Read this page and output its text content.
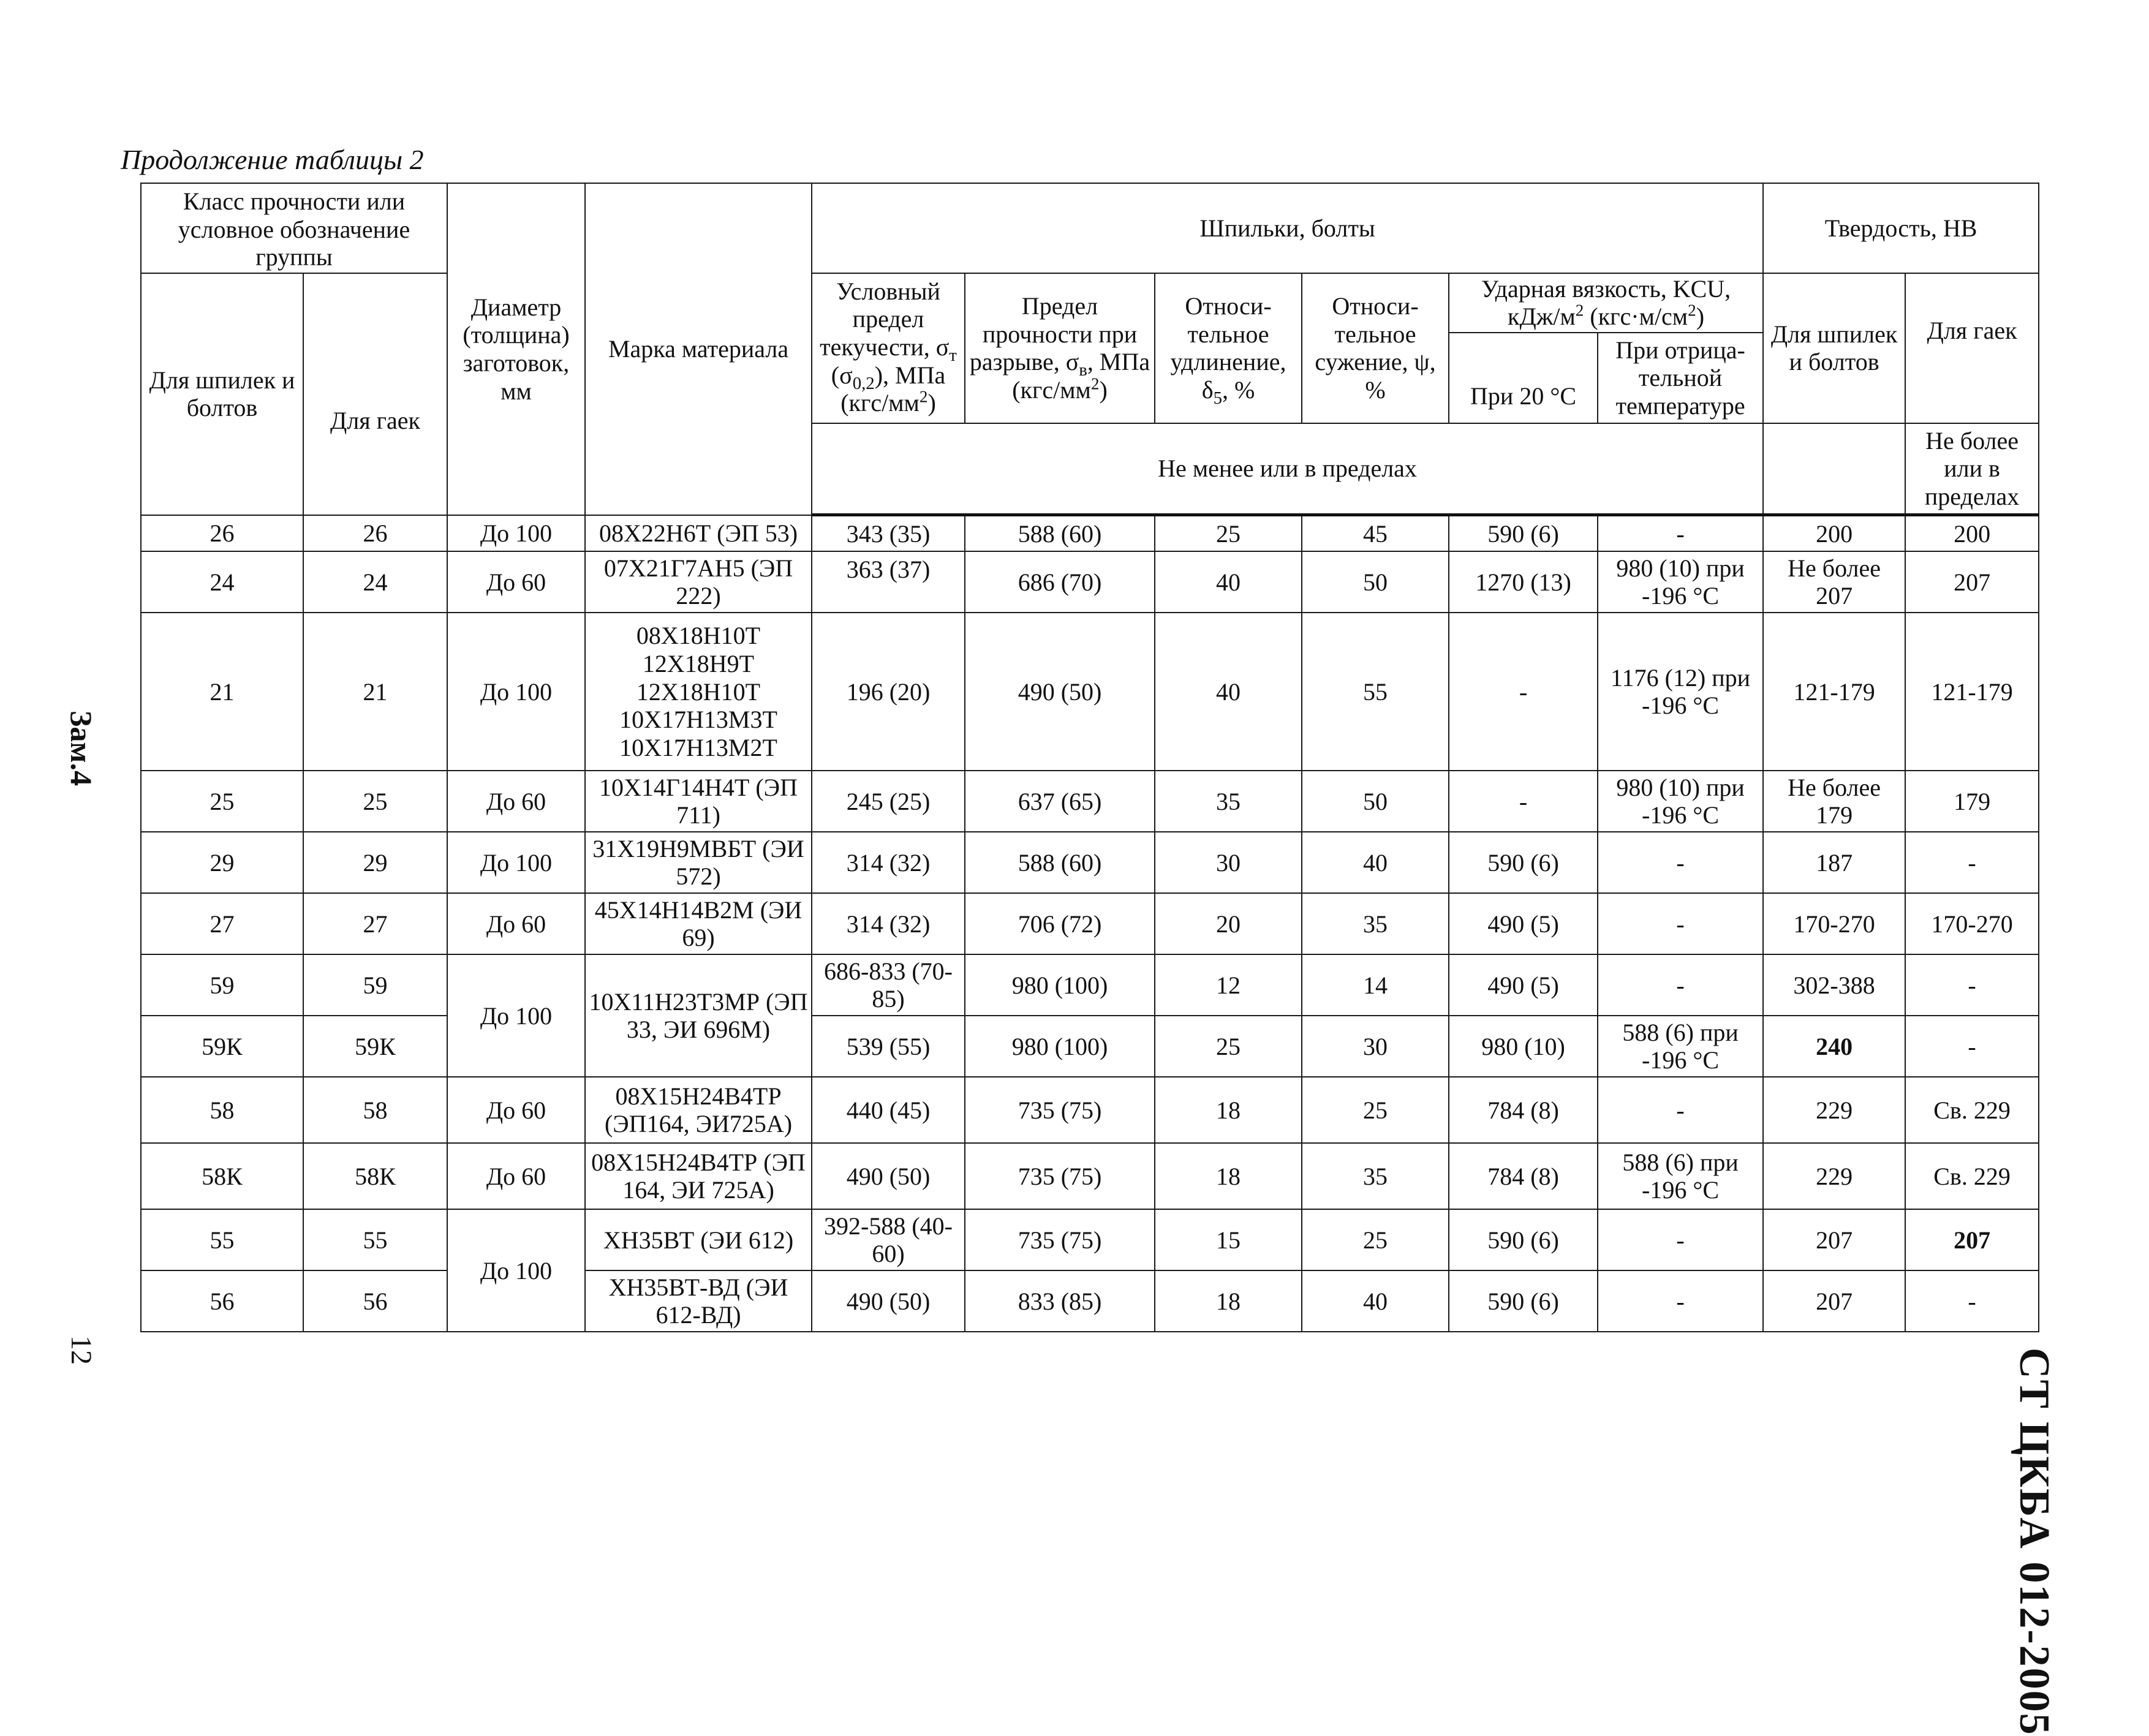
Продолжение таблицы 2
Класс прочности или условное обозначение группы		Диаметр (толщина) заготовок, мм	Марка материала	Шпильки, болты						Твердость, НВ	
Для шпилек и болтов	Для гаек			Условный предел текучести, $\sigma_т$ $(\sigma_{0,2})$, МПа $(кгс/мм^2)$	Предел прочности при разрыве, $\sigma_в$, МПа $(кгс/мм^2)$	Относи-тельное удлинение, $\delta_5$, %	Относи-тельное сужение, ψ, %	Ударная вязкость, KCU, кДж/$м^2$ $(кгс\cdot м/см^2)$		Для шпилек и болтов	Для гаек
								При 20 °С	При отрица-тельной температуре		
				Не менее или в пределах							Не более или в пределах
26	26	До 100	08Х22Н6Т (ЭП 53)	343 (35)	588 (60)	25	45	590 (6)	-	200	200
24	24	До 60	07Х21Г7АН5 (ЭП 222)	363 (37)	686 (70)	40	50	1270 (13)	980 (10) при -196 °С	Не более 207	207
21	21	До 100	08Х18Н10Т
12Х18Н9Т
12Х18Н10Т
10Х17Н13М3Т
10Х17Н13М2Т	196 (20)	490 (50)	40	55	-	1176 (12) при -196 °С	121-179	121-179
25	25	До 60	10Х14Г14Н4Т (ЭП 711)	245 (25)	637 (65)	35	50	-	980 (10) при -196 °С	Не более 179	179
29	29	До 100	31Х19Н9МВБТ (ЭИ 572)	314 (32)	588 (60)	30	40	590 (6)	-	187	-
27	27	До 60	45Х14Н14В2М (ЭИ 69)	314 (32)	706 (72)	20	35	490 (5)	-	170-270	170-270
59	59	До 100	10Х11Н23Т3МР (ЭП 33, ЭИ 696М)	686-833 (70-85)	980 (100)	12	14	490 (5)	-	302-388	-
59К	59К			539 (55)	980 (100)	25	30	980 (10)	588 (6) при -196 °С	240	-
58	58	До 60	08Х15Н24В4ТР (ЭП164, ЭИ725А)	440 (45)	735 (75)	18	25	784 (8)	-	229	Св. 229
58К	58К	До 60	08Х15Н24В4ТР (ЭП 164, ЭИ 725А)	490 (50)	735 (75)	18	35	784 (8)	588 (6) при -196 °С	229	Св. 229
55	55	До 100	ХН35ВТ (ЭИ 612)	392-588 (40-60)	735 (75)	15	25	590 (6)	-	207	207
56	56		ХН35ВТ-ВД (ЭИ 612-ВД)	490 (50)	833 (85)	18	40	590 (6)	-	207	-
СТ ЦКБА 012-2005
Зам.4
12
